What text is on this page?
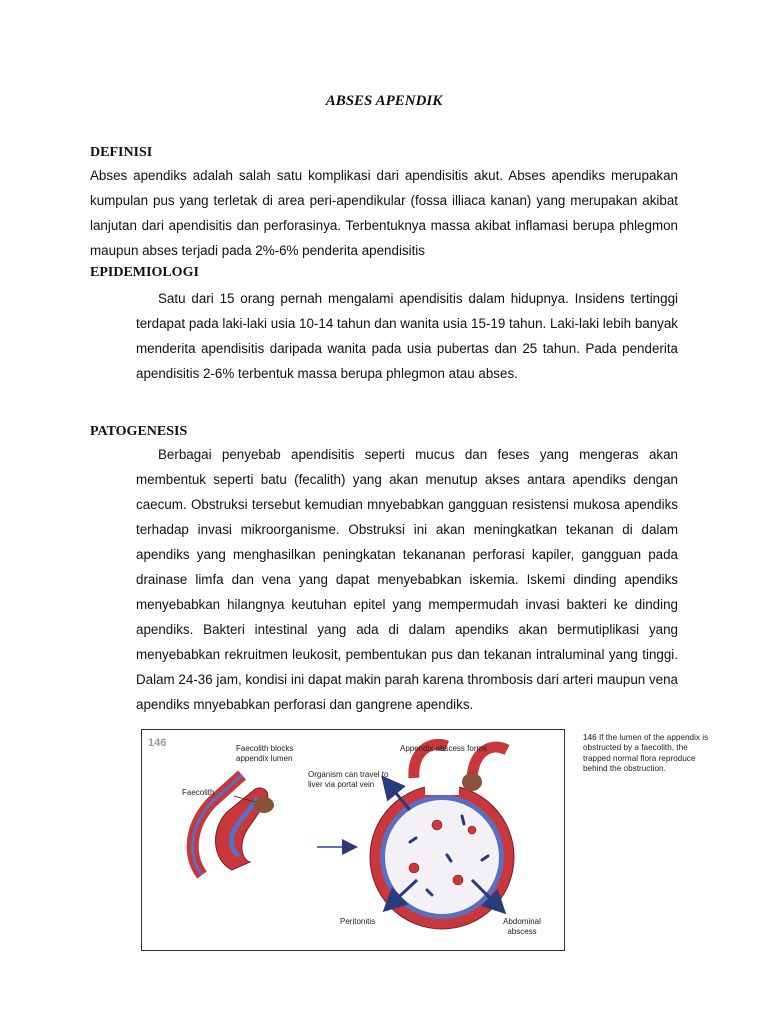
ABSES APENDIK
DEFINISI

Abses apendiks adalah salah satu komplikasi dari apendisitis akut. Abses apendiks merupakan kumpulan pus yang terletak di area peri-apendikular (fossa illiaca kanan) yang merupakan akibat lanjutan dari apendisitis dan perforasinya. Terbentuknya massa akibat inflamasi berupa phlegmon maupun abses terjadi pada 2%-6% penderita apendisitis

EPIDEMIOLOGI

Satu dari 15 orang pernah mengalami apendisitis dalam hidupnya. Insidens tertinggi terdapat pada laki-laki usia 10-14 tahun dan wanita usia 15-19 tahun. Laki-laki lebih banyak menderita apendisitis daripada wanita pada usia pubertas dan 25 tahun. Pada penderita apendisitis 2-6% terbentuk massa berupa phlegmon atau abses.

PATOGENESIS

Berbagai penyebab apendisitis seperti mucus dan feses yang mengeras akan membentuk seperti batu (fecalith) yang akan menutup akses antara apendiks dengan caecum. Obstruksi tersebut kemudian mnyebabkan gangguan resistensi mukosa apendiks terhadap invasi mikroorganisme. Obstruksi ini akan meningkatkan tekanan di dalam apendiks yang menghasilkan peningkatan tekananan perforasi kapiler, gangguan pada drainase limfa dan vena yang dapat menyebabkan iskemia. Iskemi dinding apendiks menyebabkan hilangnya keutuhan epitel yang mempermudah invasi bakteri ke dinding apendiks. Bakteri intestinal yang ada di dalam apendiks akan bermutiplikasi yang menyebabkan rekruitmen leukosit, pembentukan pus dan tekanan intraluminal yang tinggi. Dalam 24-36 jam, kondisi ini dapat makin parah karena thrombosis dari arteri maupun vena apendiks mnyebabkan perforasi dan gangrene apendiks.

146	Faecolith blocks appendix lumen
Appendix abscess forms
Organism can travel to liver via portal vein
Faecolith
Peritonitis	Abdominal abscess
146 If the lumen of the appendix is obstructed by a faecolith, the trapped normal flora reproduce behind the obstruction.
